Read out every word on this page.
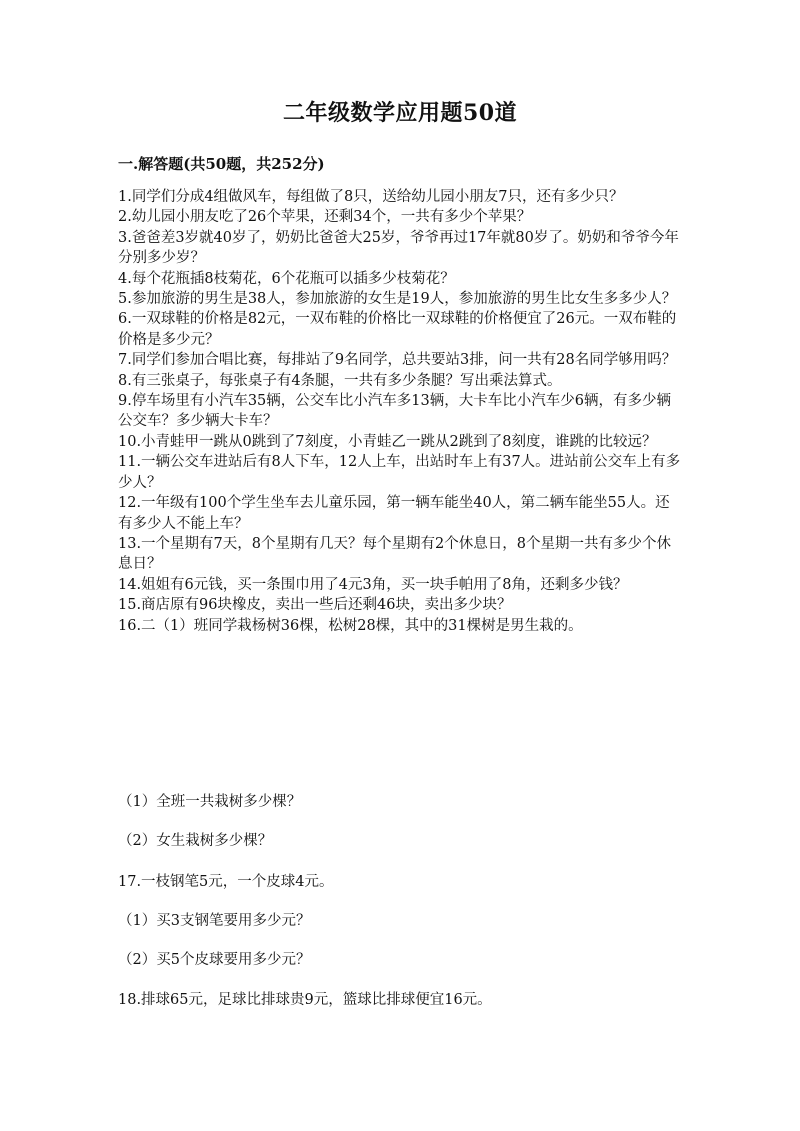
二年级数学应用题50道
一.解答题(共50题，共252分)

1.同学们分成4组做风车，每组做了8只，送给幼儿园小朋友7只，还有多少只？

2.幼儿园小朋友吃了26个苹果，还剩34个，一共有多少个苹果？

3.爸爸差3岁就40岁了，奶奶比爸爸大25岁，爷爷再过17年就80岁了。奶奶和爷爷今年分别多少岁？

4.每个花瓶插8枝菊花，6个花瓶可以插多少枝菊花？

5.参加旅游的男生是38人，参加旅游的女生是19人，参加旅游的男生比女生多多少人？

6.一双球鞋的价格是82元，一双布鞋的价格比一双球鞋的价格便宜了26元。一双布鞋的价格是多少元？

7.同学们参加合唱比赛，每排站了9名同学，总共要站3排，问一共有28名同学够用吗？

8.有三张桌子，每张桌子有4条腿，一共有多少条腿？写出乘法算式。

9.停车场里有小汽车35辆，公交车比小汽车多13辆，大卡车比小汽车少6辆，有多少辆公交车？多少辆大卡车？

10.小青蛙甲一跳从0跳到了7刻度，小青蛙乙一跳从2跳到了8刻度，谁跳的比较远？

11.一辆公交车进站后有8人下车，12人上车，出站时车上有37人。进站前公交车上有多少人？

12.一年级有100个学生坐车去儿童乐园，第一辆车能坐40人，第二辆车能坐55人。还有多少人不能上车？

13.一个星期有7天，8个星期有几天？每个星期有2个休息日，8个星期一共有多少个休息日？

14.姐姐有6元钱，买一条围巾用了4元3角，买一块手帕用了8角，还剩多少钱？

15.商店原有96块橡皮，卖出一些后还剩46块，卖出多少块？

16.二（1）班同学栽杨树36棵，松树28棵，其中的31棵树是男生栽的。

（1）全班一共栽树多少棵？
（2）女生栽树多少棵？
17.一枝钢笔5元，一个皮球4元。
（1）买3支钢笔要用多少元？
（2）买5个皮球要用多少元？
18.排球65元，足球比排球贵9元，篮球比排球便宜16元。
